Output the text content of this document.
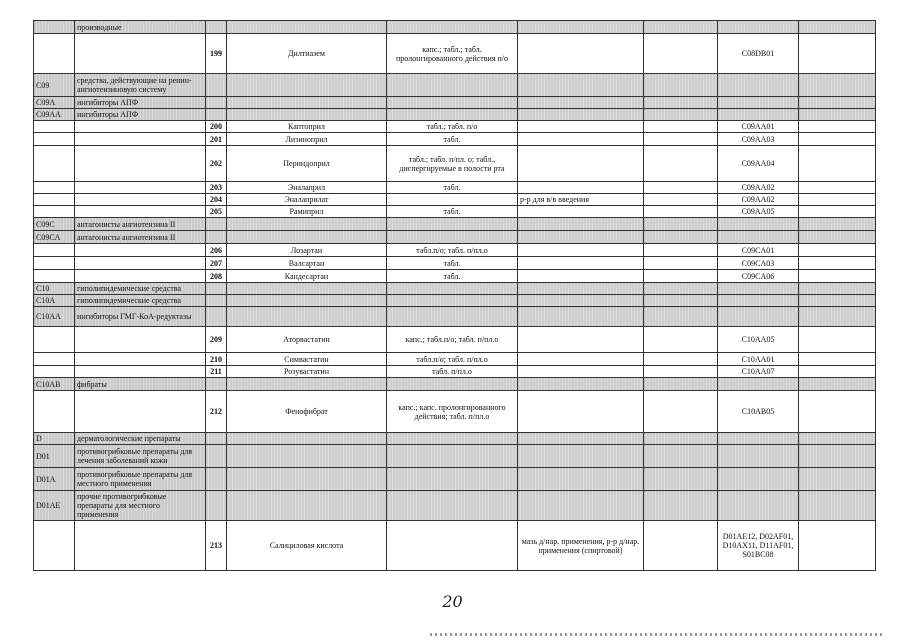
	производные							
		199	Дилтиазем	капс.; табл.; табл. пролонгированного действия п/о			C08DB01	
C09	средства, действующие на ренин-ангиотензиновую систему							
C09A	ингибиторы АПФ							
C09AA	ингибиторы АПФ							
		200	Каптоприл	табл.; табл. п/о			C09AA01	
		201	Лизиноприл	табл.			C09AA03	
		202	Периндоприл	табл.; табл. п/пл. о; табл., диспергируемые в полости рта			C09AA04	
		203	Эналаприл	табл.			C09AA02	
		204	Эналаприлат		р-р для в/в введения		C09AA02	
		205	Рамиприл	табл.			C09AA05	
C09C	антагонисты ангиотензина II							
C09CA	антагонисты ангиотензина II							
		206	Лозартан	табл.п/о; табл. п/пл.о			C09CA01	
		207	Валсартан	табл.			C09CA03	
		208	Кандесартан	табл.			C09CA06	
C10	гиполипидемические средства							
C10A	гиполипидемические средства							
C10AA	ингибиторы ГМГ-КоА-редуктазы							
		209	Аторвастатин	капс.; табл.п/о; табл. п/пл.о			C10AA05	
		210	Симвастатин	табл.п/о; табл. п/пл.о			C10AA01	
		211	Розувастатин	табл. п/пл.о			C10AA07	
C10AB	фибраты							
		212	Фенофибрат	капс.; капс. пролонгированного действия; табл. п/пл.о			C10AB05	
D	дерматологические препараты							
D01	противогрибковые препараты для лечения заболеваний кожи							
D01A	противогрибковые препараты для местного применения							
D01AE	прочие противогрибковые препараты для местного применения							
		213	Салициловая кислота		мазь д/нар. применения, р-р д/нар. применения (спиртовой)		D01AE12, D02AF01, D10AX11, D11AF01, S01BC08	
20
